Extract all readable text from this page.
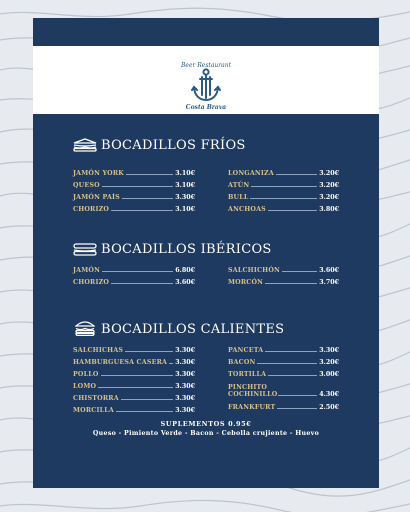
Beer Restaurant
Costa Brava
BOCADILLOS FRÍOS
JAMÓN YORK	3.10€
QUESO	3.10€
JAMÓN PAÍS	3.30€
CHORIZO	3.10€
LONGANIZA	3.20€
ATÚN	3.20€
BULL	3.20€
ANCHOAS	3.80€
BOCADILLOS IBÉRICOS
JAMÓN	6.80€
CHORIZO	3.60€
SALCHICHÓN	3.60€
MORCÓN	3.70€
BOCADILLOS CALIENTES
SALCHICHAS	3.30€
HAMBURGUESA CASERA 3.30€
POLLO	3.30€
LOMO	3.30€
CHISTORRA	3.30€
MORCILLA	3.30€
PANCETA	3.30€
BACON	3.20€
TORTILLA	3.00€
PINCHITO COCHINILLO	4.30€
FRANKFURT	2.50€
SUPLEMENTOS 0.95€
Queso - Pimiento Verde - Bacon - Cebolla crujiente - Huevo
